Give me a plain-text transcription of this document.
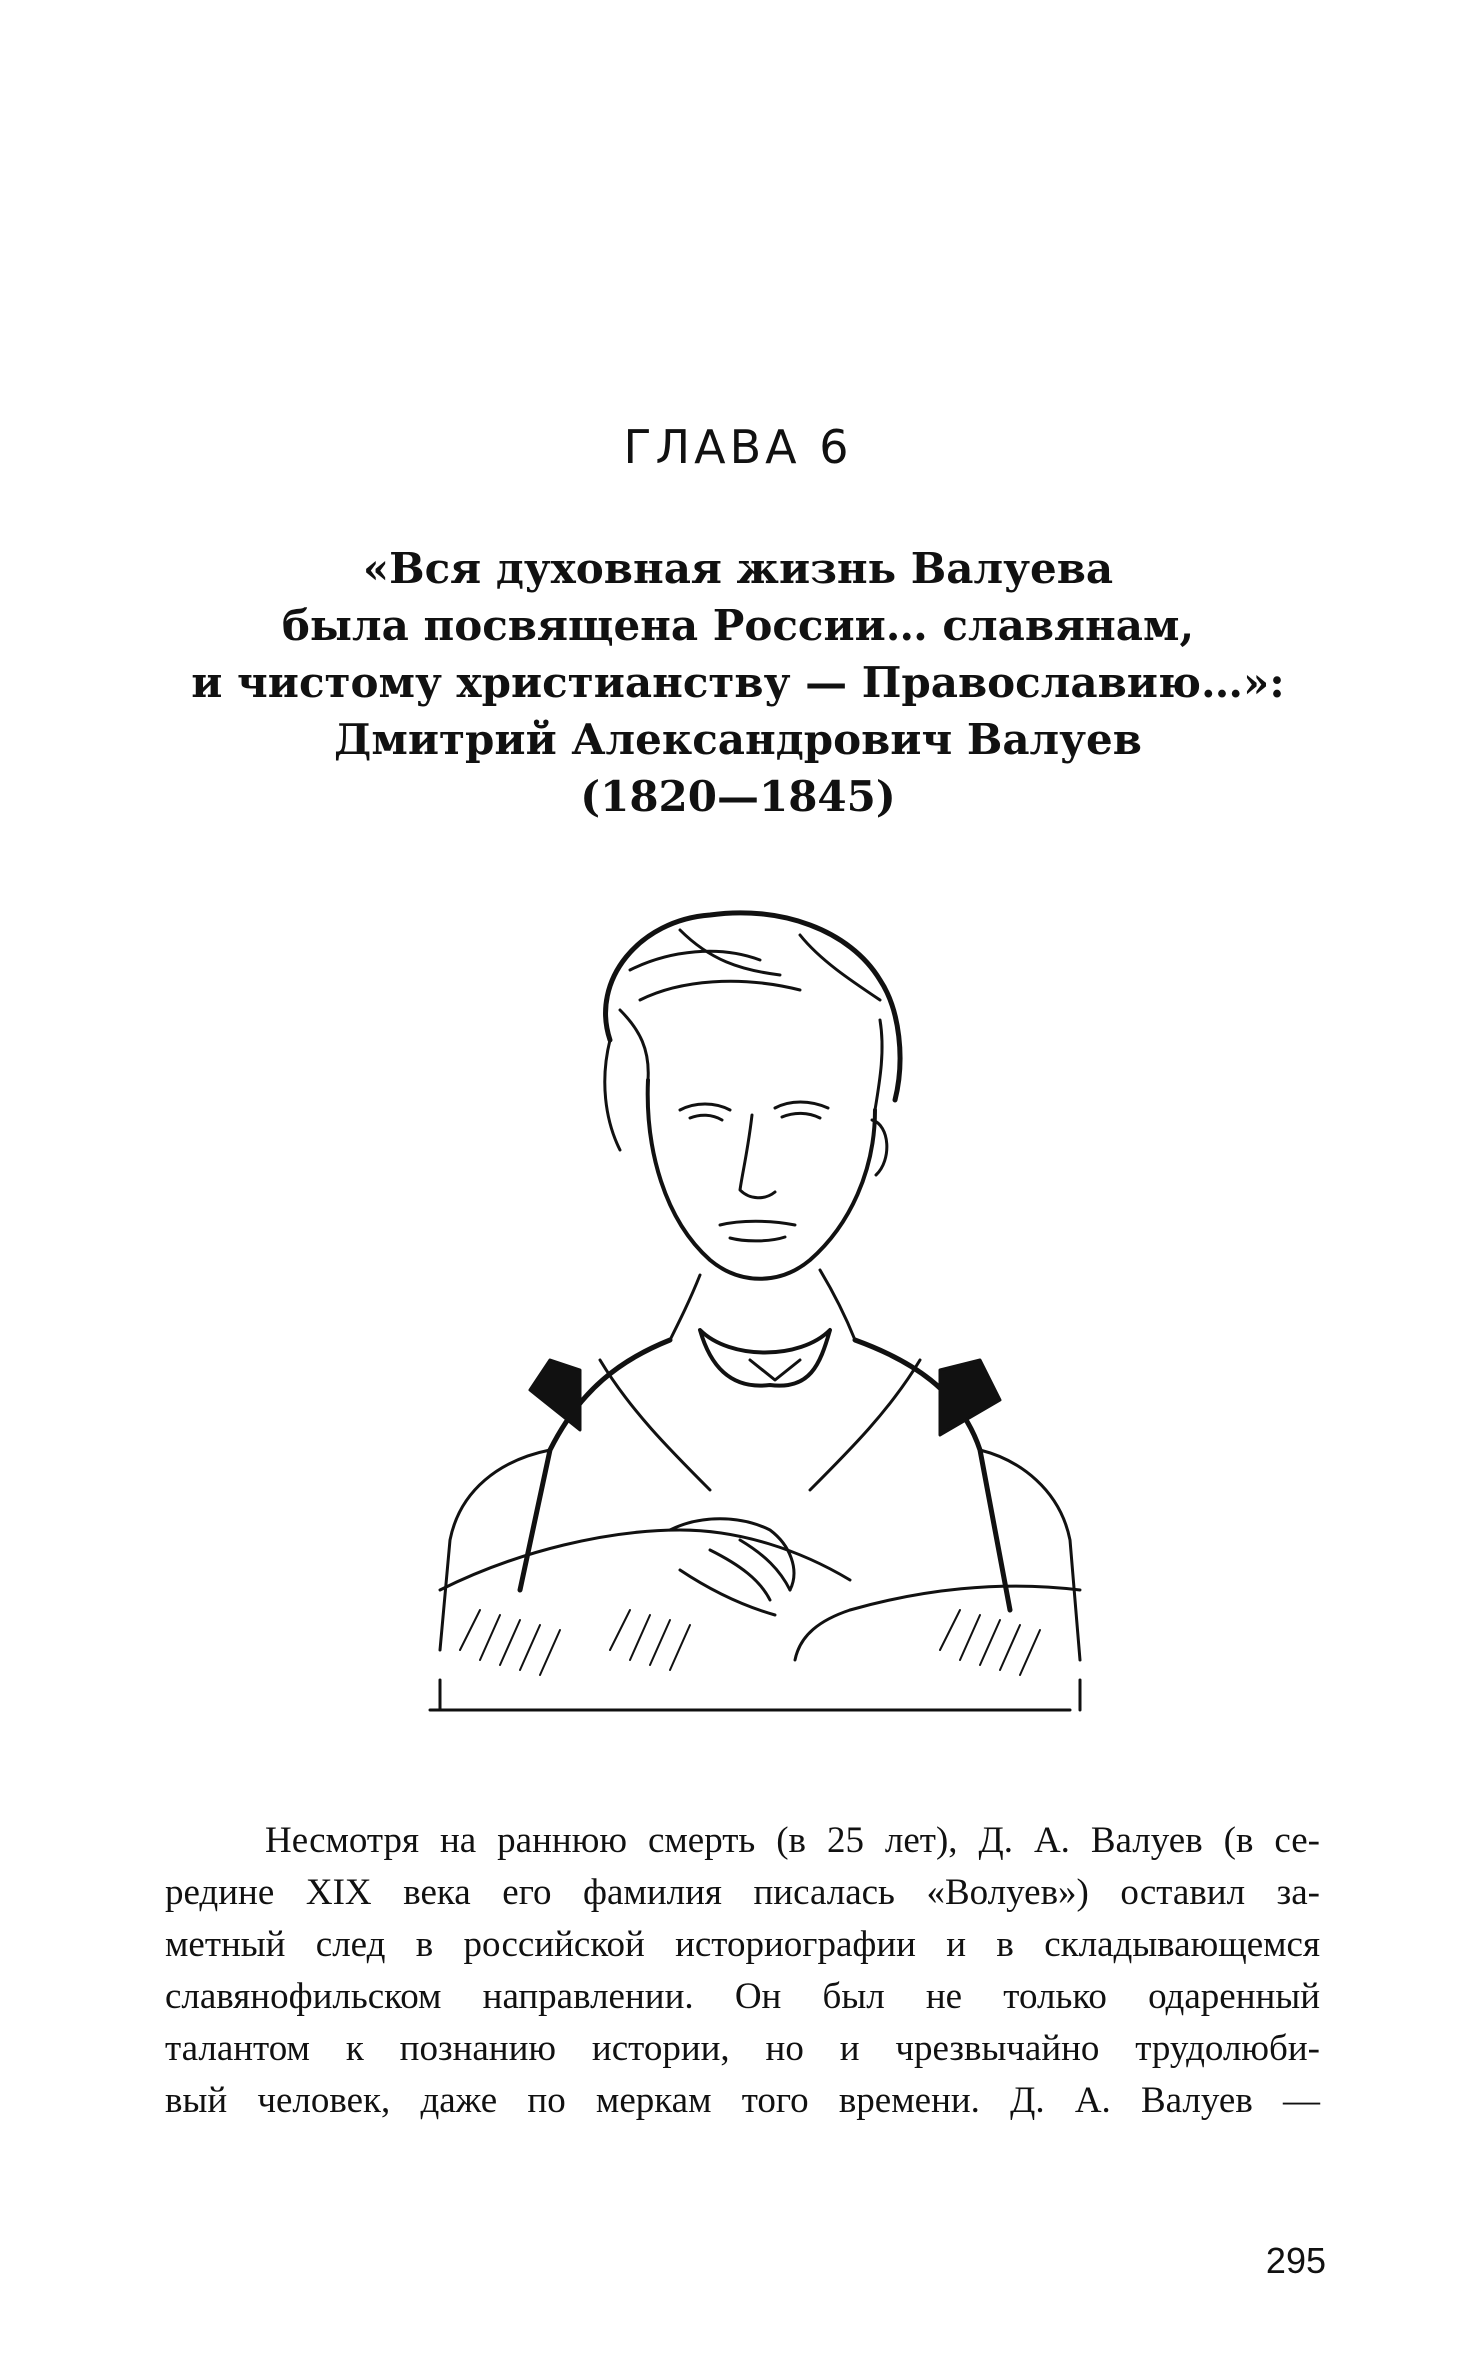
ГЛАВА 6
«Вся духовная жизнь Валуева
была посвящена России… славянам,
и чистому христианству — Православию…»:
Дмитрий Александрович Валуев
(1820—1845)
Несмотря на раннюю смерть (в 25 лет), Д. А. Валуев (в се-
редине XIX века его фамилия писалась «Волуев») оставил за-
метный след в российской историографии и в складывающемся
славянофильском направлении. Он был не только одаренный
талантом к познанию истории, но и чрезвычайно трудолюби-
вый человек, даже по меркам того времени. Д. А. Валуев —
295
